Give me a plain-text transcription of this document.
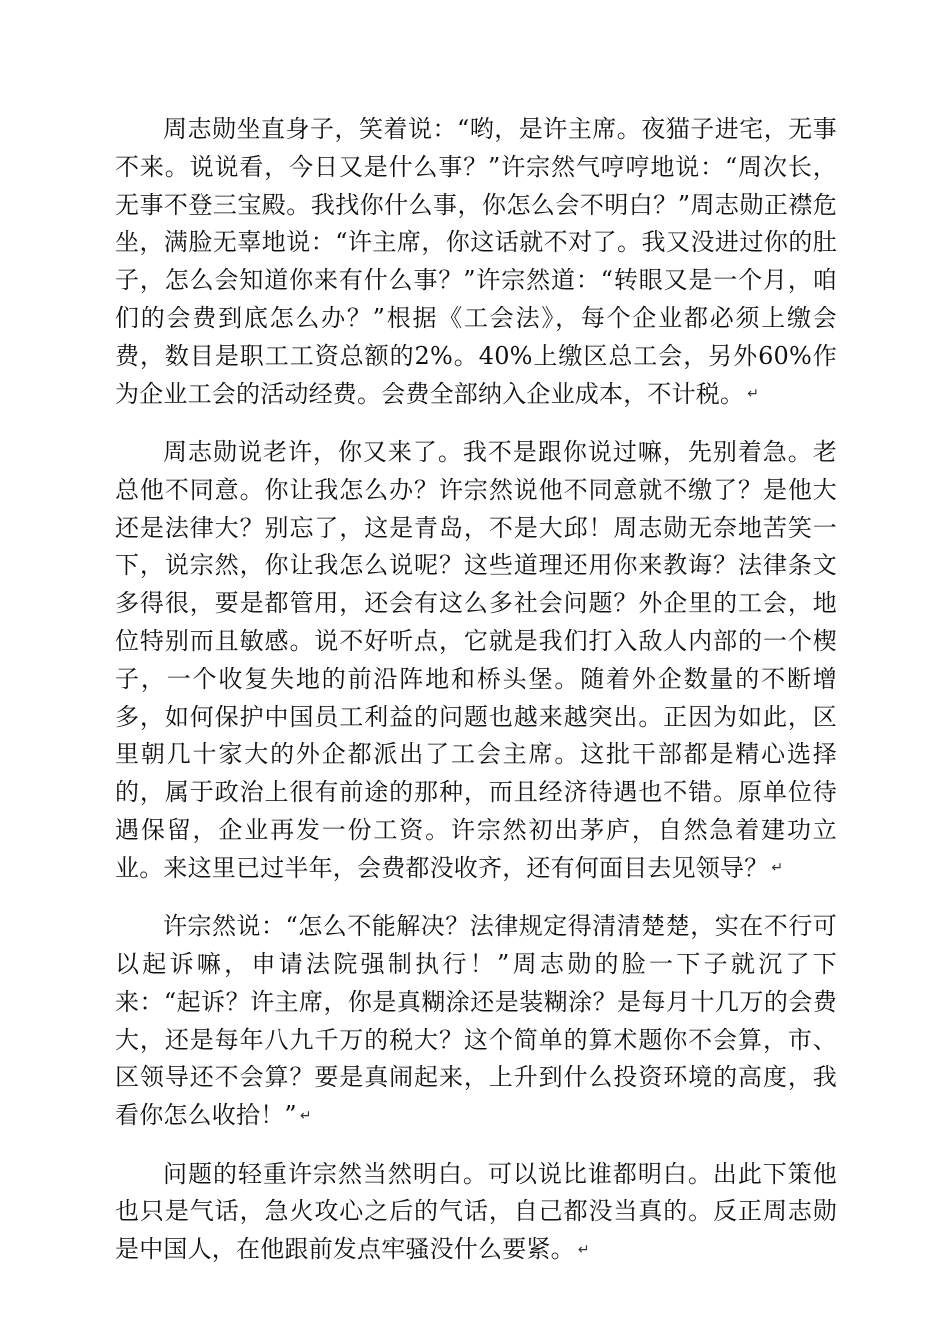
周志勋坐直身子，笑着说：“哟，是许主席。夜猫子进宅，无事不来。说说看，今日又是什么事？”许宗然气哼哼地说：“周次长，无事不登三宝殿。我找你什么事，你怎么会不明白？”周志勋正襟危坐，满脸无辜地说：“许主席，你这话就不对了。我又没进过你的肚子，怎么会知道你来有什么事？”许宗然道：“转眼又是一个月，咱们的会费到底怎么办？”根据《工会法》，每个企业都必须上缴会费，数目是职工工资总额的2%。40%上缴区总工会，另外60%作为企业工会的活动经费。会费全部纳入企业成本，不计税。 ↵

周志勋说老许，你又来了。我不是跟你说过嘛，先别着急。老总他不同意。你让我怎么办？许宗然说他不同意就不缴了？是他大还是法律大？别忘了，这是青岛，不是大邱！周志勋无奈地苦笑一下，说宗然，你让我怎么说呢？这些道理还用你来教诲？法律条文多得很，要是都管用，还会有这么多社会问题？外企里的工会，地位特别而且敏感。说不好听点，它就是我们打入敌人内部的一个楔子，一个收复失地的前沿阵地和桥头堡。随着外企数量的不断增多，如何保护中国员工利益的问题也越来越突出。正因为如此，区里朝几十家大的外企都派出了工会主席。这批干部都是精心选择的，属于政治上很有前途的那种，而且经济待遇也不错。原单位待遇保留，企业再发一份工资。许宗然初出茅庐，自然急着建功立业。来这里已过半年，会费都没收齐，还有何面目去见领导？ ↵

许宗然说：“怎么不能解决？法律规定得清清楚楚，实在不行可以起诉嘛，申请法院强制执行！”周志勋的脸一下子就沉了下来：“起诉？许主席，你是真糊涂还是装糊涂？是每月十几万的会费大，还是每年八九千万的税大？这个简单的算术题你不会算，市、区领导还不会算？要是真闹起来，上升到什么投资环境的高度，我看你怎么收拾！” ↵

问题的轻重许宗然当然明白。可以说比谁都明白。出此下策他也只是气话，急火攻心之后的气话，自己都没当真的。反正周志勋是中国人，在他跟前发点牢骚没什么要紧。 ↵
